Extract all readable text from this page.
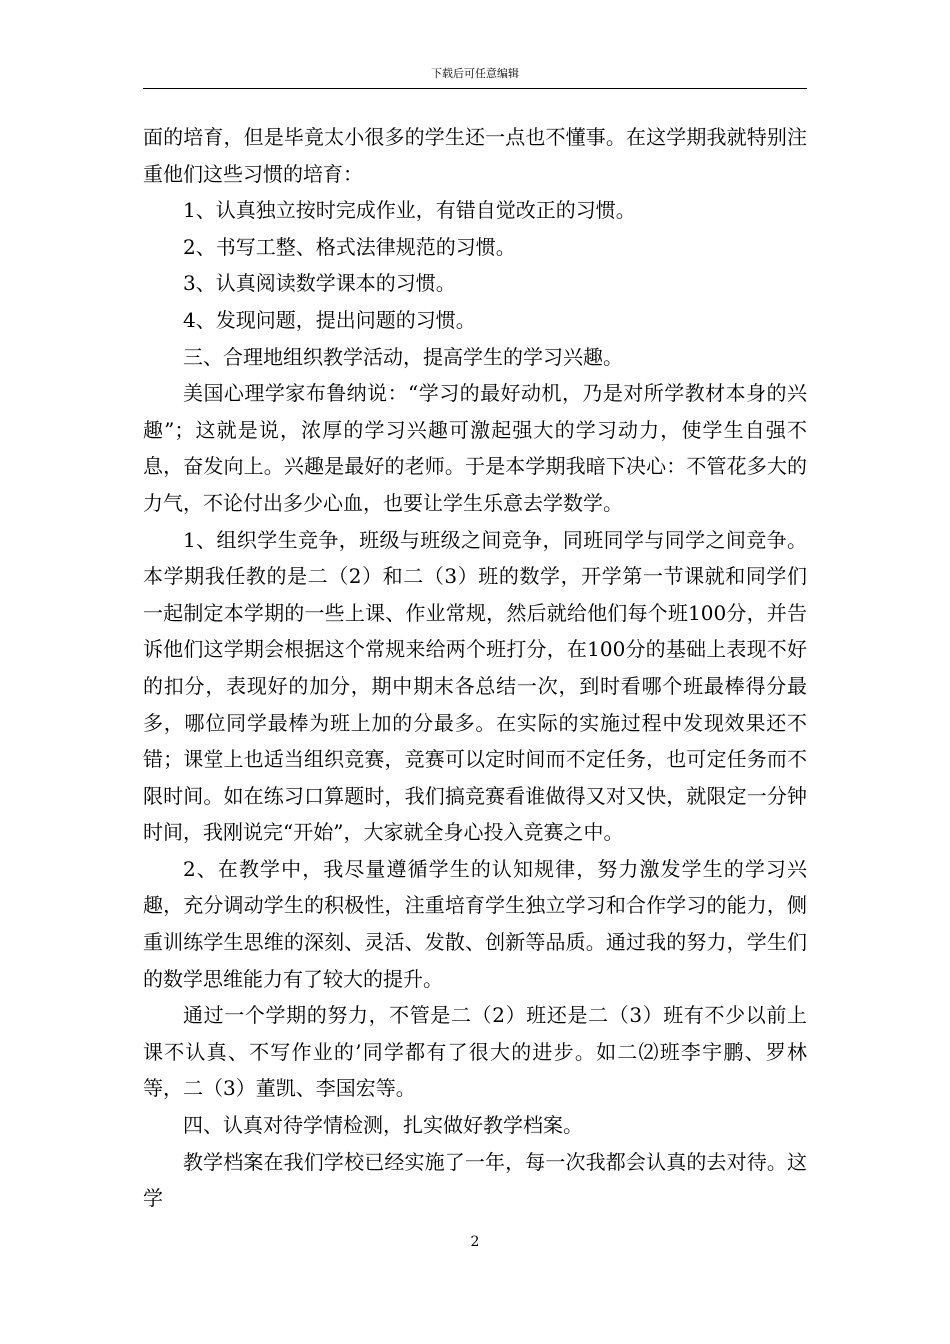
下载后可任意编辑

面的培育，但是毕竟太小很多的学生还一点也不懂事。在这学期我就特别注重他们这些习惯的培育：

1、认真独立按时完成作业，有错自觉改正的习惯。

2、书写工整、格式法律规范的习惯。

3、认真阅读数学课本的习惯。

4、发现问题，提出问题的习惯。

三、合理地组织教学活动，提高学生的学习兴趣。

美国心理学家布鲁纳说：“学习的最好动机，乃是对所学教材本身的兴趣”；这就是说，浓厚的学习兴趣可激起强大的学习动力，使学生自强不息，奋发向上。兴趣是最好的老师。于是本学期我暗下决心：不管花多大的力气，不论付出多少心血，也要让学生乐意去学数学。

1、组织学生竞争，班级与班级之间竞争，同班同学与同学之间竞争。本学期我任教的是二（2）和二（3）班的数学，开学第一节课就和同学们一起制定本学期的一些上课、作业常规，然后就给他们每个班100分，并告诉他们这学期会根据这个常规来给两个班打分，在100分的基础上表现不好的扣分，表现好的加分，期中期末各总结一次，到时看哪个班最棒得分最多，哪位同学最棒为班上加的分最多。在实际的实施过程中发现效果还不错；课堂上也适当组织竞赛，竞赛可以定时间而不定任务，也可定任务而不限时间。如在练习口算题时，我们搞竞赛看谁做得又对又快，就限定一分钟时间，我刚说完“开始”，大家就全身心投入竞赛之中。

2、在教学中，我尽量遵循学生的认知规律，努力激发学生的学习兴趣，充分调动学生的积极性，注重培育学生独立学习和合作学习的能力，侧重训练学生思维的深刻、灵活、发散、创新等品质。通过我的努力，学生们的数学思维能力有了较大的提升。

通过一个学期的努力，不管是二（2）班还是二（3）班有不少以前上课不认真、不写作业的’同学都有了很大的进步。如二⑵班李宇鹏、罗林等，二（3）董凯、李国宏等。

四、认真对待学情检测，扎实做好教学档案。

教学档案在我们学校已经实施了一年，每一次我都会认真的去对待。这学

2
